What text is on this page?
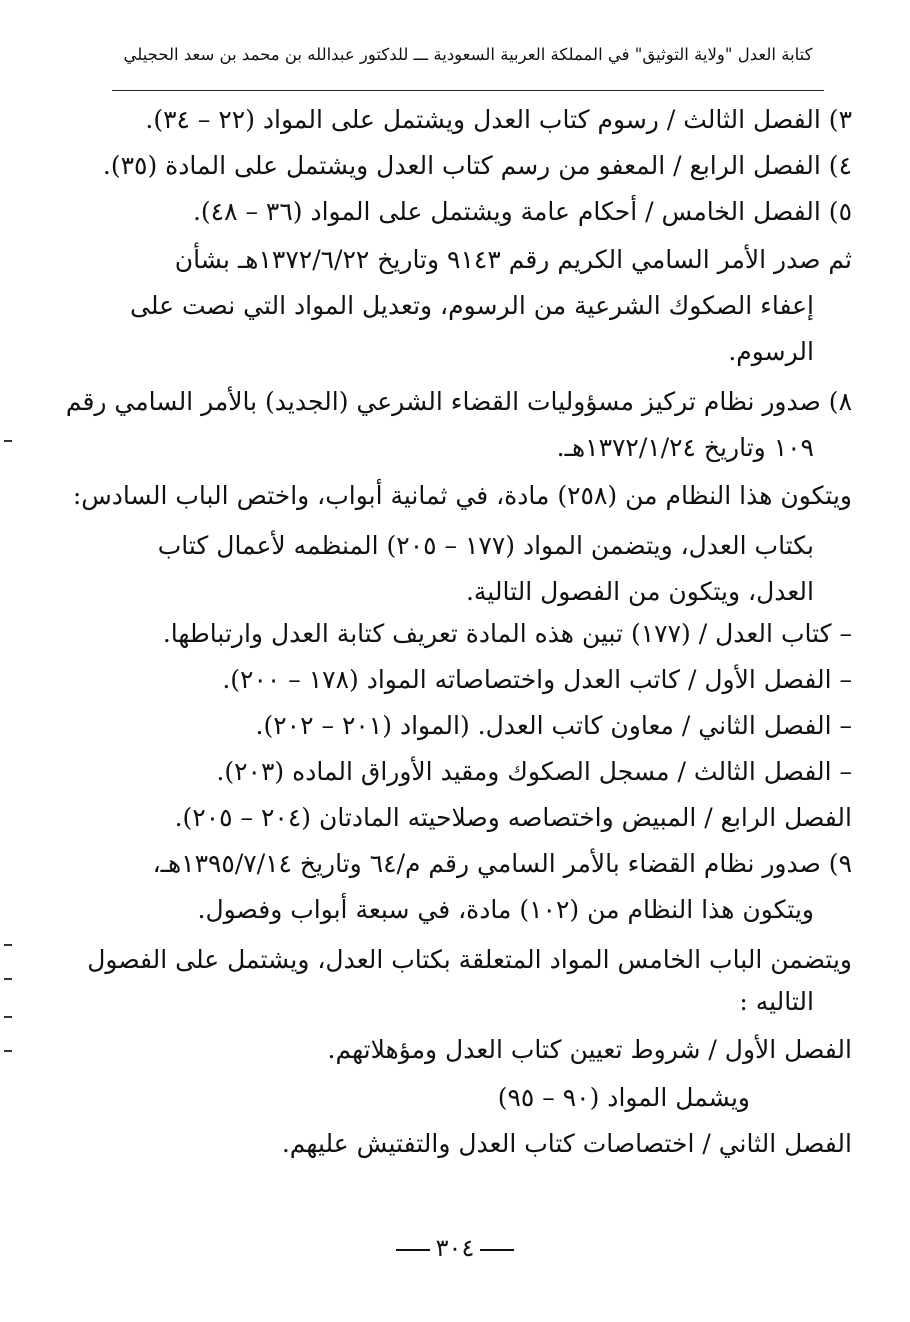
كتابة العدل "ولاية التوثيق" في المملكة العربية السعودية ـــ للدكتور عبدالله بن محمد بن سعد الحجيلي
٣) الفصل الثالث / رسوم كتاب العدل ويشتمل على المواد (٢٢ – ٣٤).
٤) الفصل الرابع / المعفو من رسم كتاب العدل ويشتمل على المادة (٣٥).
٥) الفصل الخامس / أحكام عامة ويشتمل على المواد (٣٦ – ٤٨).
ثم صدر الأمر السامي الكريم رقم ٩١٤٣ وتاريخ ١٣٧٢/٦/٢٢هـ بشأن
إعفاء الصكوك الشرعية من الرسوم، وتعديل المواد التي نصت على
الرسوم.
٨) صدور نظام تركيز مسؤوليات القضاء الشرعي (الجديد) بالأمر السامي رقم
١٠٩ وتاريخ ١٣٧٢/١/٢٤هـ.
ويتكون هذا النظام من (٢٥٨) مادة، في ثمانية أبواب، واختص الباب السادس:
بكتاب العدل، ويتضمن المواد (١٧٧ – ٢٠٥) المنظمه لأعمال كتاب
العدل، ويتكون من الفصول التالية.
– كتاب العدل / (١٧٧) تبين هذه المادة تعريف كتابة العدل وارتباطها.
– الفصل الأول / كاتب العدل واختصاصاته المواد (١٧٨ – ٢٠٠).
– الفصل الثاني / معاون كاتب العدل. (المواد (٢٠١ – ٢٠٢).
– الفصل الثالث / مسجل الصكوك ومقيد الأوراق الماده (٢٠٣).
الفصل الرابع / المبيض واختصاصه وصلاحيته المادتان (٢٠٤ – ٢٠٥).
٩) صدور نظام القضاء بالأمر السامي رقم م/٦٤ وتاريخ ١٣٩٥/٧/١٤هـ،
ويتكون هذا النظام من (١٠٢) مادة، في سبعة أبواب وفصول.
ويتضمن الباب الخامس المواد المتعلقة بكتاب العدل، ويشتمل على الفصول
التاليه :
الفصل الأول / شروط تعيين كتاب العدل ومؤهلاتهم.
ويشمل المواد (٩٠ – ٩٥)
الفصل الثاني / اختصاصات كتاب العدل والتفتيش عليهم.
٣٠٤
